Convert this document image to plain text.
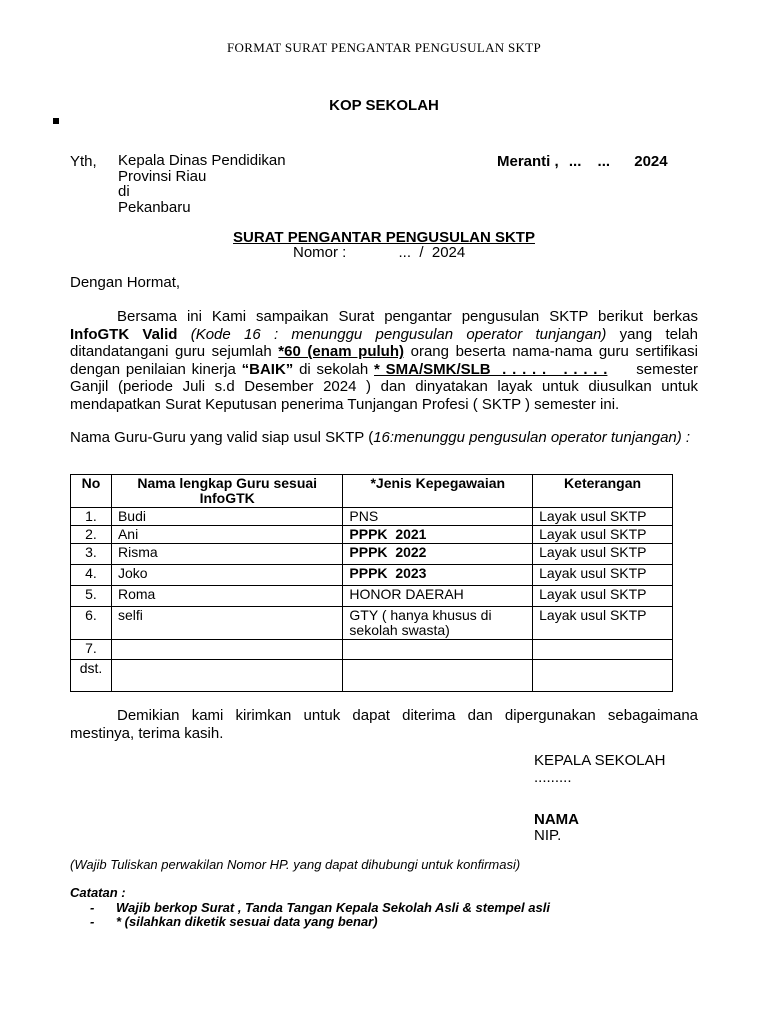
FORMAT SURAT PENGANTAR PENGUSULAN SKTP
KOP SEKOLAH
Yth, Kepala Dinas Pendidikan
Provinsi Riau
di
Pekanbaru
Meranti , ... ... 2024
SURAT PENGANTAR PENGUSULAN SKTP
Nomor :	...  /  2024
Dengan Hormat,
Bersama ini Kami sampaikan Surat pengantar pengusulan SKTP berikut berkas InfoGTK Valid (Kode 16 : menunggu pengusulan operator tunjangan) yang telah ditandatangani guru sejumlah *60 (enam puluh) orang beserta nama-nama guru sertifikasi dengan penilaian kinerja “BAIK” di sekolah * SMA/SMK/SLB  . . . . .   . . . . .     semester Ganjil (periode Juli s.d Desember 2024 ) dan dinyatakan layak untuk diusulkan untuk mendapatkan Surat Keputusan penerima Tunjangan Profesi ( SKTP ) semester ini.
Nama Guru-Guru yang valid siap usul SKTP (16:menunggu pengusulan operator tunjangan) :
No	Nama lengkap Guru sesuai InfoGTK	*Jenis Kepegawaian	Keterangan
1.	Budi	PNS	Layak usul SKTP
2.	Ani	PPPK  2021	Layak usul SKTP
3.	Risma	PPPK  2022	Layak usul SKTP
4.	Joko	PPPK  2023	Layak usul SKTP
5.	Roma	HONOR DAERAH	Layak usul SKTP
6.	selfi	GTY ( hanya khusus di sekolah swasta)	Layak usul SKTP
7.			
dst.			
Demikian kami kirimkan untuk dapat diterima dan dipergunakan sebagaimana mestinya, terima kasih.
KEPALA SEKOLAH
.........
NAMA
NIP.
(Wajib Tuliskan perwakilan Nomor HP. yang dapat dihubungi untuk konfirmasi)
Catatan :
- Wajib berkop Surat , Tanda Tangan Kepala Sekolah Asli & stempel asli
- * (silahkan diketik sesuai data yang benar)
